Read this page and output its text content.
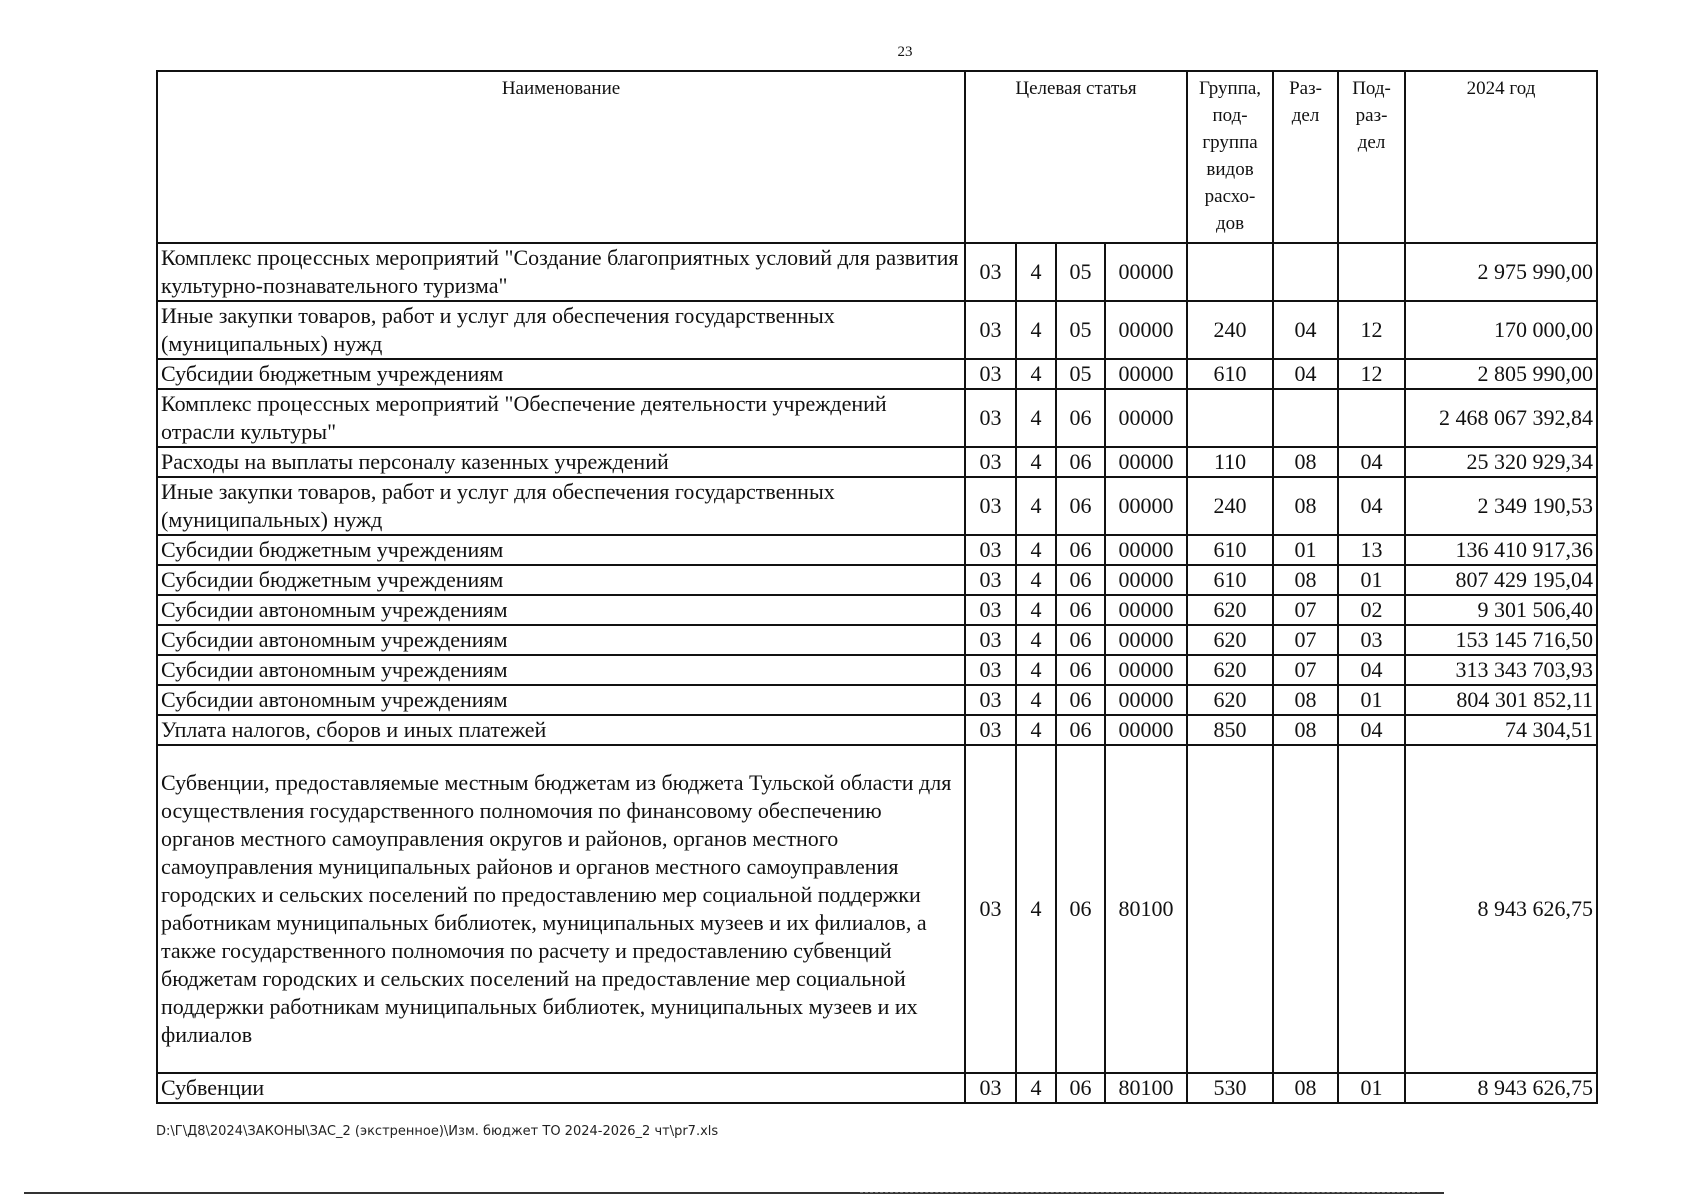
23
Наименование	Целевая статья				Группа, под-группа видов расхо-дов	Раз-дел	Под-раз-дел	2024 год
Комплекс процессных мероприятий "Создание благоприятных условий для развития культурно-познавательного туризма"	03	4	05	00000				2 975 990,00
Иные закупки товаров, работ и услуг для обеспечения государственных (муниципальных) нужд	03	4	05	00000	240	04	12	170 000,00
Субсидии бюджетным учреждениям	03	4	05	00000	610	04	12	2 805 990,00
Комплекс процессных мероприятий "Обеспечение деятельности учреждений отрасли культуры"	03	4	06	00000				2 468 067 392,84
Расходы на выплаты персоналу казенных учреждений	03	4	06	00000	110	08	04	25 320 929,34
Иные закупки товаров, работ и услуг для обеспечения государственных (муниципальных) нужд	03	4	06	00000	240	08	04	2 349 190,53
Субсидии бюджетным учреждениям	03	4	06	00000	610	01	13	136 410 917,36
Субсидии бюджетным учреждениям	03	4	06	00000	610	08	01	807 429 195,04
Субсидии автономным учреждениям	03	4	06	00000	620	07	02	9 301 506,40
Субсидии автономным учреждениям	03	4	06	00000	620	07	03	153 145 716,50
Субсидии автономным учреждениям	03	4	06	00000	620	07	04	313 343 703,93
Субсидии автономным учреждениям	03	4	06	00000	620	08	01	804 301 852,11
Уплата налогов, сборов и иных платежей	03	4	06	00000	850	08	04	74 304,51
Субвенции, предоставляемые местным бюджетам из бюджета Тульской области для осуществления государственного полномочия по финансовому обеспечению органов местного самоуправления округов и районов, органов местного самоуправления муниципальных районов и органов местного самоуправления городских и сельских поселений по предоставлению мер социальной поддержки работникам муниципальных библиотек, муниципальных музеев и их филиалов, а также государственного полномочия по расчету и предоставлению субвенций бюджетам городских и сельских поселений на предоставление мер социальной поддержки работникам муниципальных библиотек, муниципальных музеев и их филиалов	03	4	06	80100				8 943 626,75
Субвенции	03	4	06	80100	530	08	01	8 943 626,75
D:\Г\Д8\2024\ЗАКОНЫ\ЗАС_2 (экстренное)\Изм. бюджет ТО 2024-2026_2 чт\pr7.xls
